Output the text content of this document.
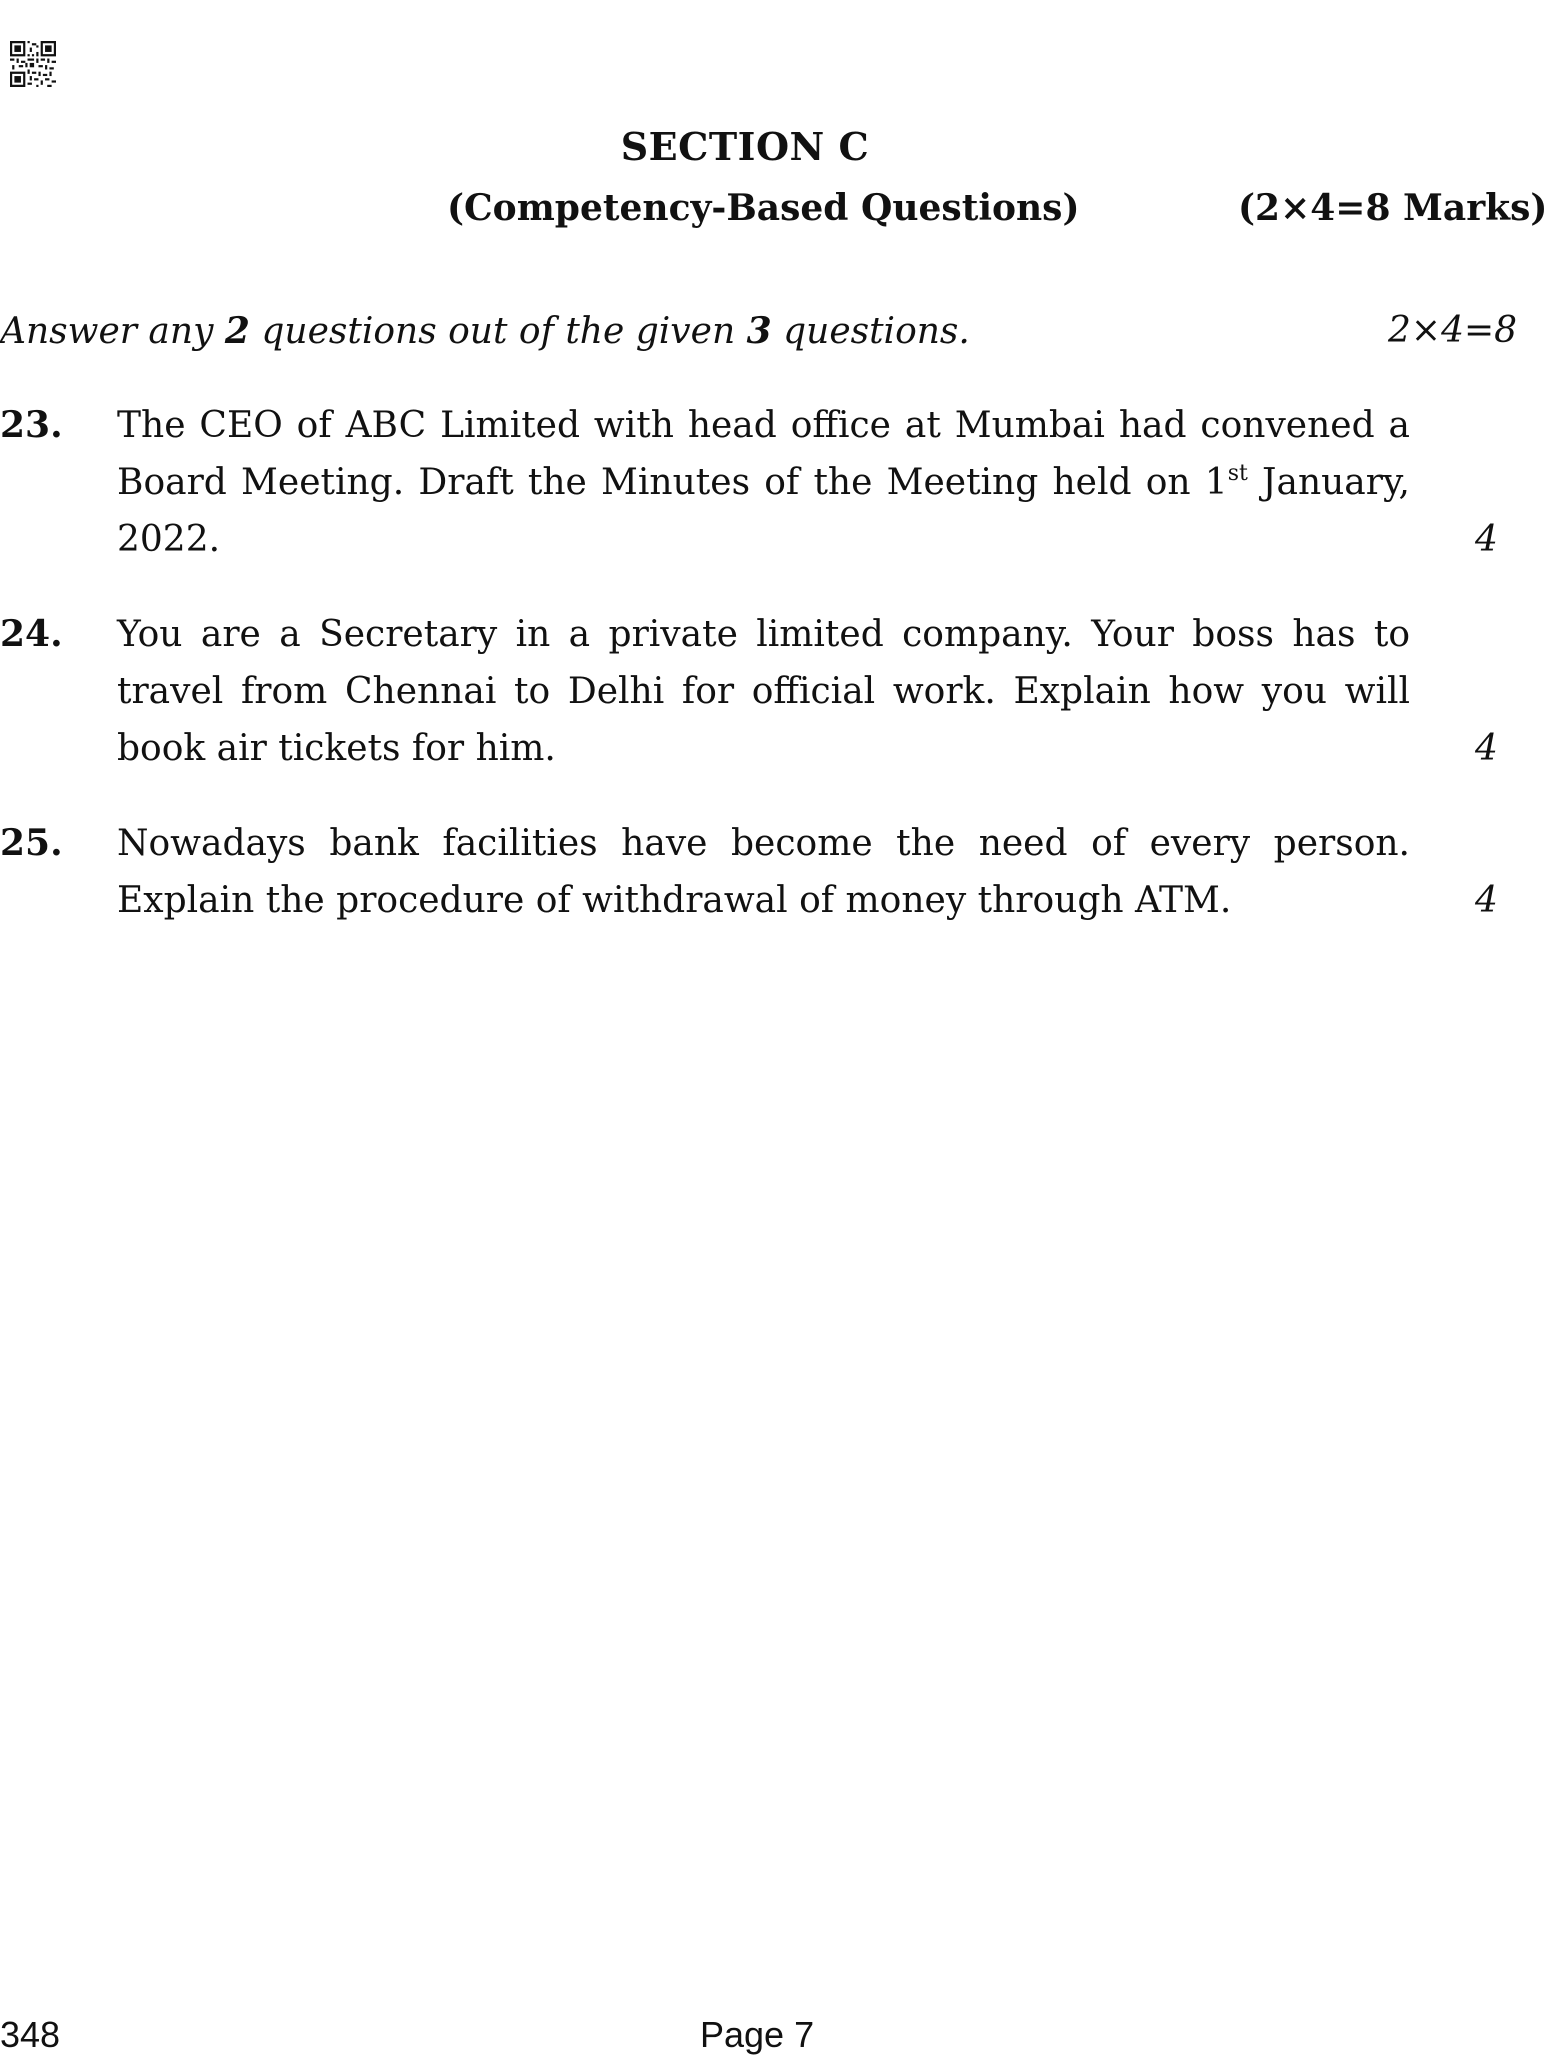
SECTION C
(Competency-Based Questions)	(2×4=8 Marks)
Answer any 2 questions out of the given 3 questions.	2×4=8
23. The CEO of ABC Limited with head office at Mumbai had convened a Board Meeting. Draft the Minutes of the Meeting held on 1st January, 2022.	4
24. You are a Secretary in a private limited company. Your boss has to travel from Chennai to Delhi for official work. Explain how you will book air tickets for him.	4
25. Nowadays bank facilities have become the need of every person. Explain the procedure of withdrawal of money through ATM.	4
348	Page 7
